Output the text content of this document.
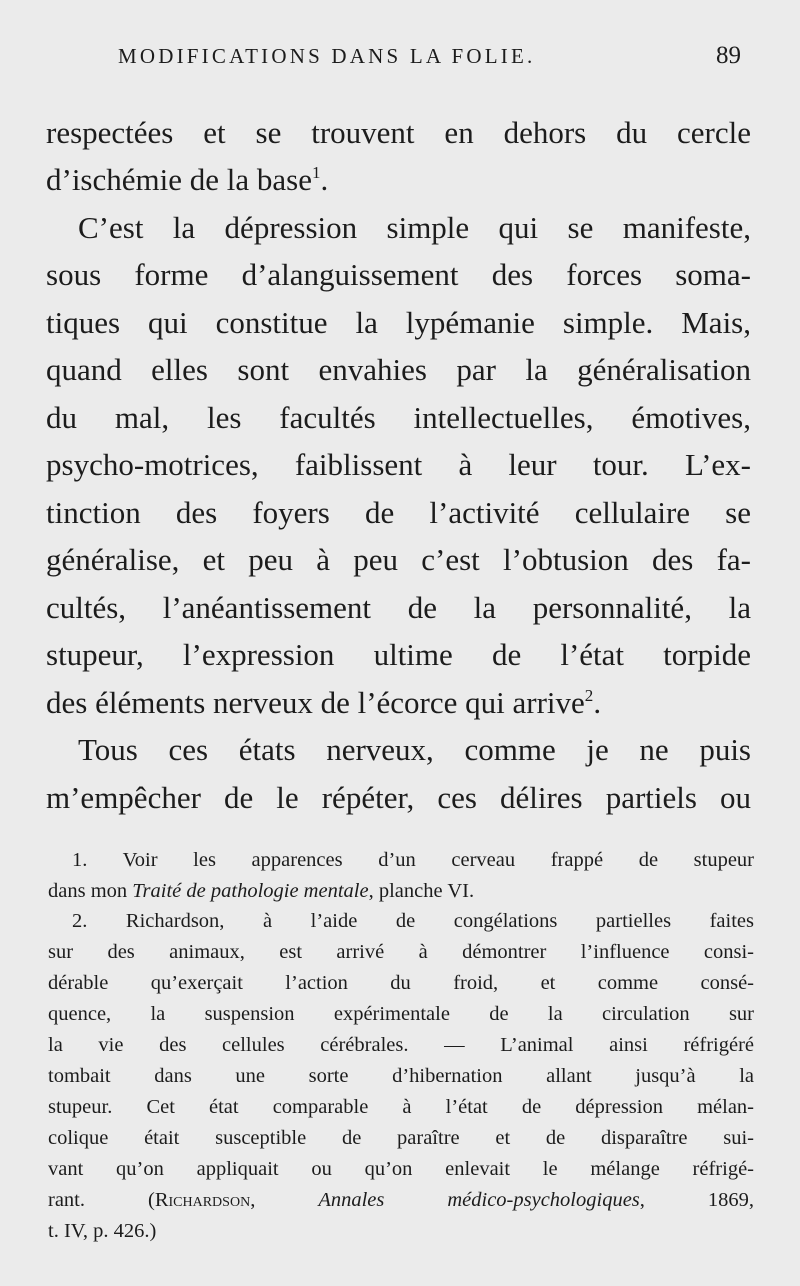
MODIFICATIONS DANS LA FOLIE.	89
respectées et se trouvent en dehors du cercle
d’ischémie de la base$^1$.
C’est la dépression simple qui se manifeste,
sous forme d’alanguissement des forces soma-
tiques qui constitue la lypémanie simple. Mais,
quand elles sont envahies par la généralisation
du mal, les facultés intellectuelles, émotives,
psycho-motrices, faiblissent à leur tour. L’ex-
tinction des foyers de l’activité cellulaire se
généralise, et peu à peu c’est l’obtusion des fa-
cultés, l’anéantissement de la personnalité, la
stupeur, l’expression ultime de l’état torpide
des éléments nerveux de l’écorce qui arrive$^2$.
Tous ces états nerveux, comme je ne puis
m’empêcher de le répéter, ces délires partiels ou
1. Voir les apparences d’un cerveau frappé de stupeur
dans mon Traité de pathologie mentale, planche VI.
2. Richardson, à l’aide de congélations partielles faites
sur des animaux, est arrivé à démontrer l’influence consi-
dérable qu’exerçait l’action du froid, et comme consé-
quence, la suspension expérimentale de la circulation sur
la vie des cellules cérébrales. — L’animal ainsi réfrigéré
tombait dans une sorte d’hibernation allant jusqu’à la
stupeur. Cet état comparable à l’état de dépression mélan-
colique était susceptible de paraître et de disparaître sui-
vant qu’on appliquait ou qu’on enlevait le mélange réfrigé-
rant. (Richardson, Annales médico-psychologiques, 1869,
t. IV, p. 426.)
